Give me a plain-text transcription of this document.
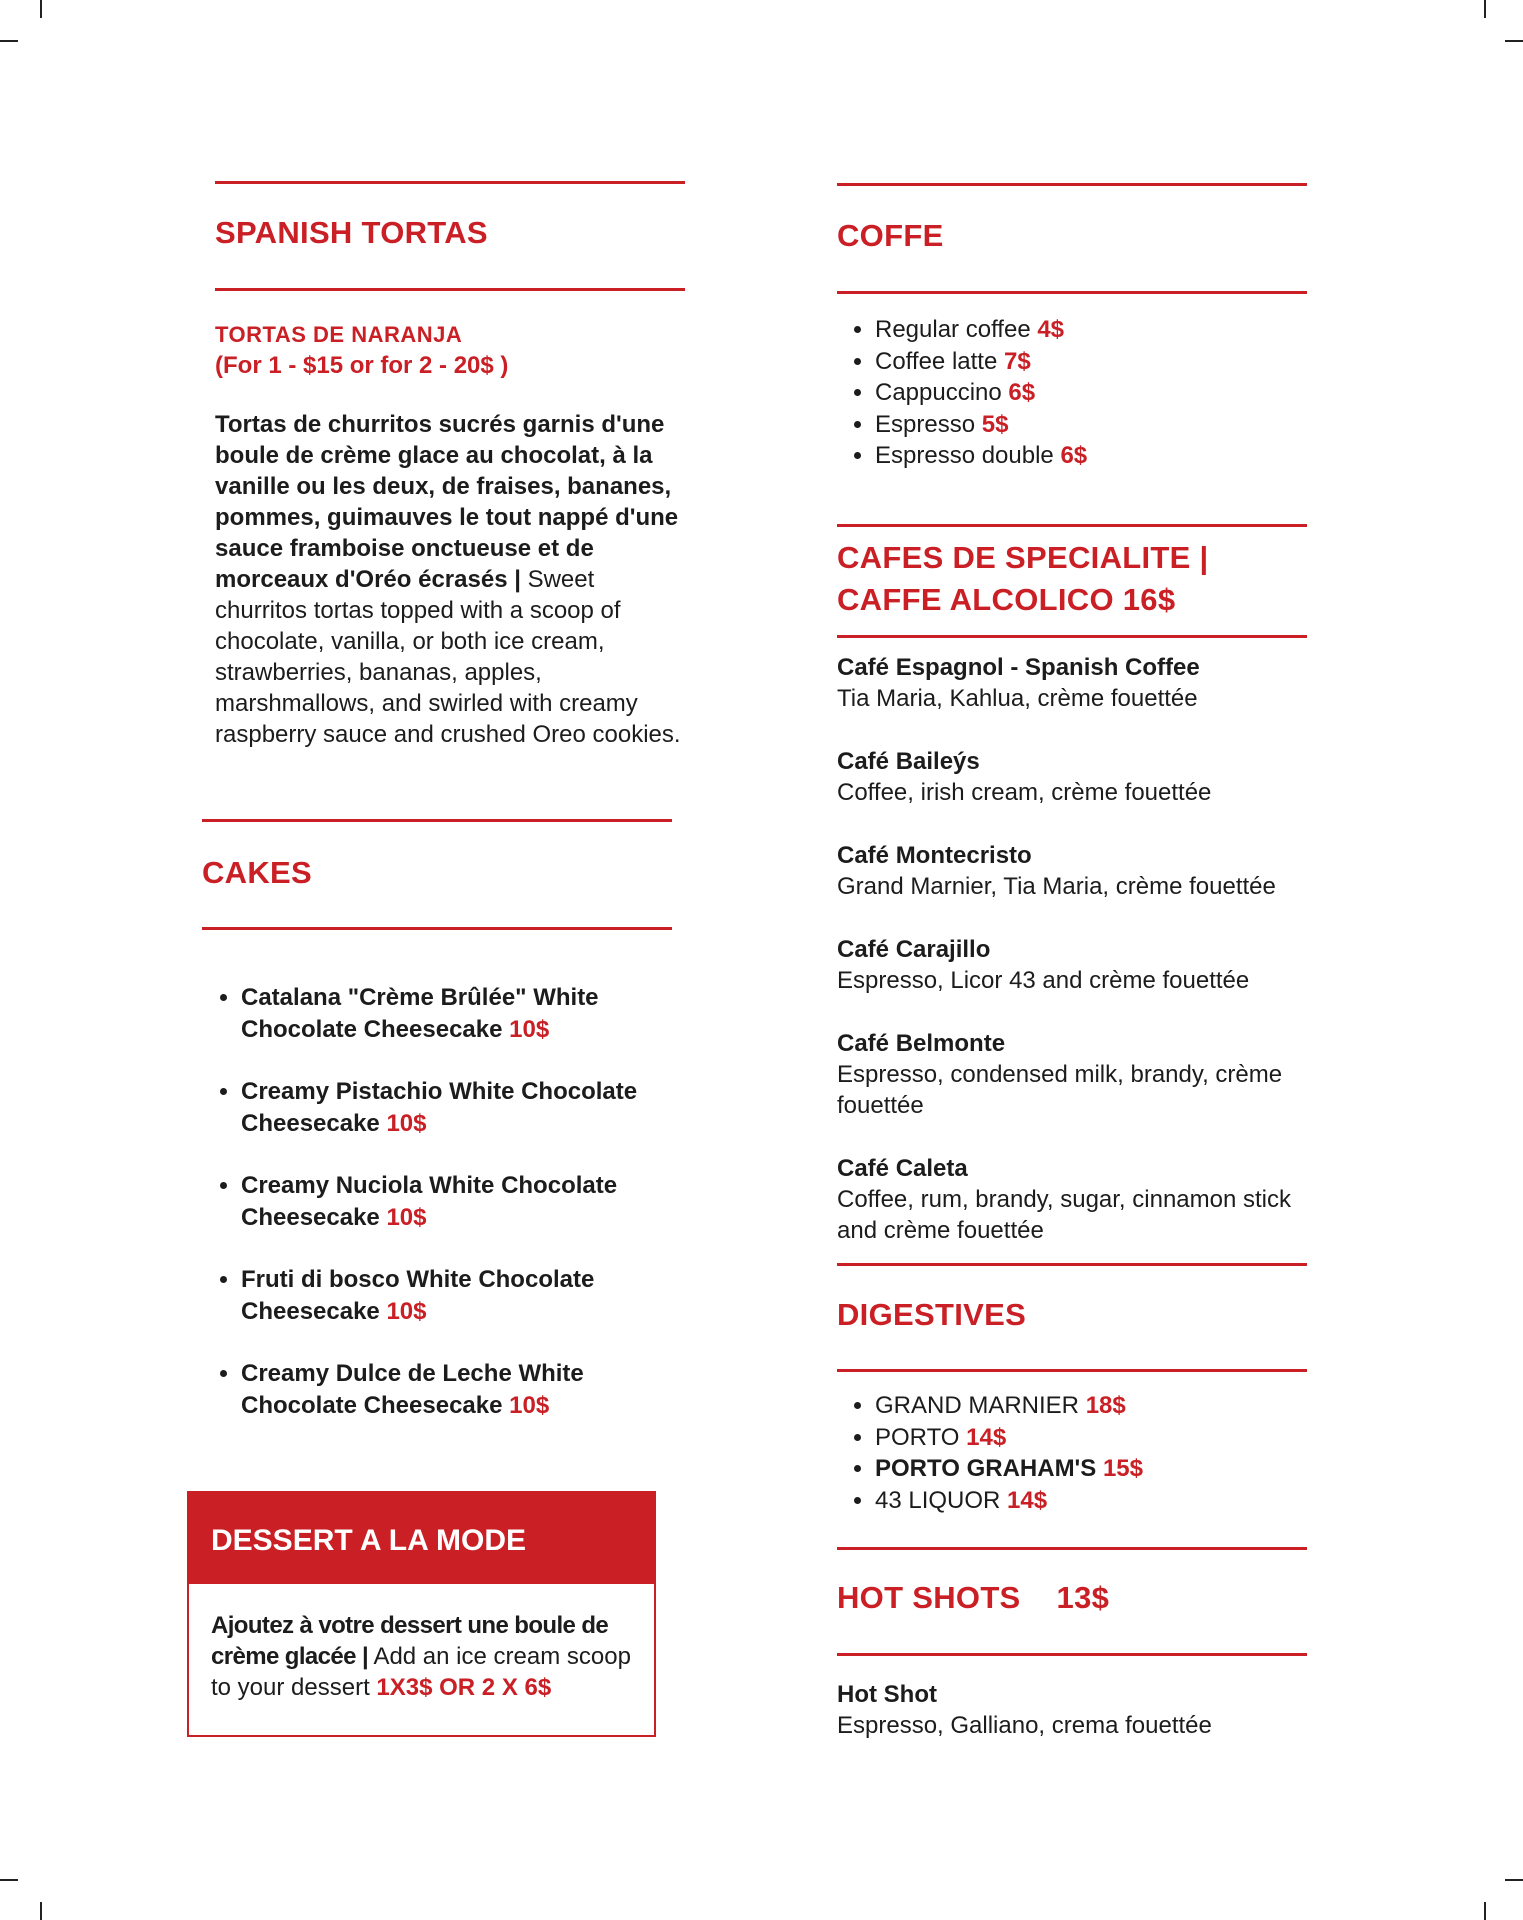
SPANISH TORTAS
TORTAS DE NARANJA
(For 1 - $15 or for 2 - 20$ )
Tortas de churritos sucrés garnis d'une boule de crème glace au chocolat, à la vanille ou les deux, de fraises, bananes, pommes, guimauves le tout nappé d'une sauce framboise onctueuse et de morceaux d'Oréo écrasés | Sweet churritos tortas topped with a scoop of chocolate, vanilla, or both ice cream, strawberries, bananas, apples, marshmallows, and swirled with creamy raspberry sauce and crushed Oreo cookies.
CAKES
• Catalana "Crème Brûlée" White Chocolate Cheesecake 10$
• Creamy Pistachio White Chocolate Cheesecake 10$
• Creamy Nuciola White Chocolate Cheesecake 10$
• Fruti di bosco White Chocolate Cheesecake 10$
• Creamy Dulce de Leche White Chocolate Cheesecake 10$
DESSERT A LA MODE
Ajoutez à votre dessert une boule de crème glacée | Add an ice cream scoop to your dessert 1X3$ OR 2 X 6$
COFFE
• Regular coffee 4$
• Coffee latte 7$
• Cappuccino 6$
• Espresso 5$
• Espresso double 6$
CAFES DE SPECIALITE | CAFFE ALCOLICO 16$
Café Espagnol - Spanish Coffee
Tia Maria, Kahlua, crème fouettée
Café Baileýs
Coffee, irish cream, crème fouettée
Café Montecristo
Grand Marnier, Tia Maria, crème fouettée
Café Carajillo
Espresso, Licor 43 and crème fouettée
Café Belmonte
Espresso, condensed milk, brandy, crème fouettée
Café Caleta
Coffee, rum, brandy, sugar, cinnamon stick and crème fouettée
DIGESTIVES
• GRAND MARNIER 18$
• PORTO 14$
• PORTO GRAHAM'S 15$
• 43 LIQUOR 14$
HOT SHOTS 13$
Hot Shot
Espresso, Galliano, crema fouettée
